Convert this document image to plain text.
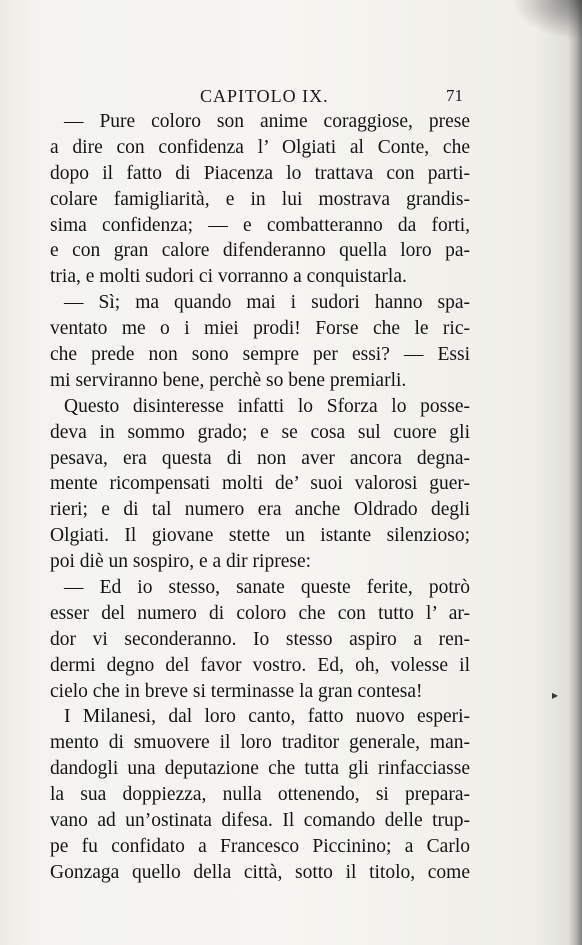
CAPITOLO IX.	71
— Pure coloro son anime coraggiose, prese
a dire con confidenza l’ Olgiati al Conte, che
dopo il fatto di Piacenza lo trattava con parti-
colare famigliarità, e in lui mostrava grandis-
sima confidenza; — e combatteranno da forti,
e con gran calore difenderanno quella loro pa-
tria, e molti sudori ci vorranno a conquistarla.
— Sì; ma quando mai i sudori hanno spa-
ventato me o i miei prodi! Forse che le ric-
che prede non sono sempre per essi? — Essi
mi serviranno bene, perchè so bene premiarli.
Questo disinteresse infatti lo Sforza lo posse-
deva in sommo grado; e se cosa sul cuore gli
pesava, era questa di non aver ancora degna-
mente ricompensati molti de’ suoi valorosi guer-
rieri; e di tal numero era anche Oldrado degli
Olgiati. Il giovane stette un istante silenzioso;
poi diè un sospiro, e a dir riprese:
— Ed io stesso, sanate queste ferite, potrò
esser del numero di coloro che con tutto l’ ar-
dor vi seconderanno. Io stesso aspiro a ren-
dermi degno del favor vostro. Ed, oh, volesse il
cielo che in breve si terminasse la gran contesa!
I Milanesi, dal loro canto, fatto nuovo esperi-
mento di smuovere il loro traditor generale, man-
dandogli una deputazione che tutta gli rinfacciasse
la sua doppiezza, nulla ottenendo, si prepara-
vano ad un’ostinata difesa. Il comando delle trup-
pe fu confidato a Francesco Piccinino; a Carlo
Gonzaga quello della città, sotto il titolo, come
▸
